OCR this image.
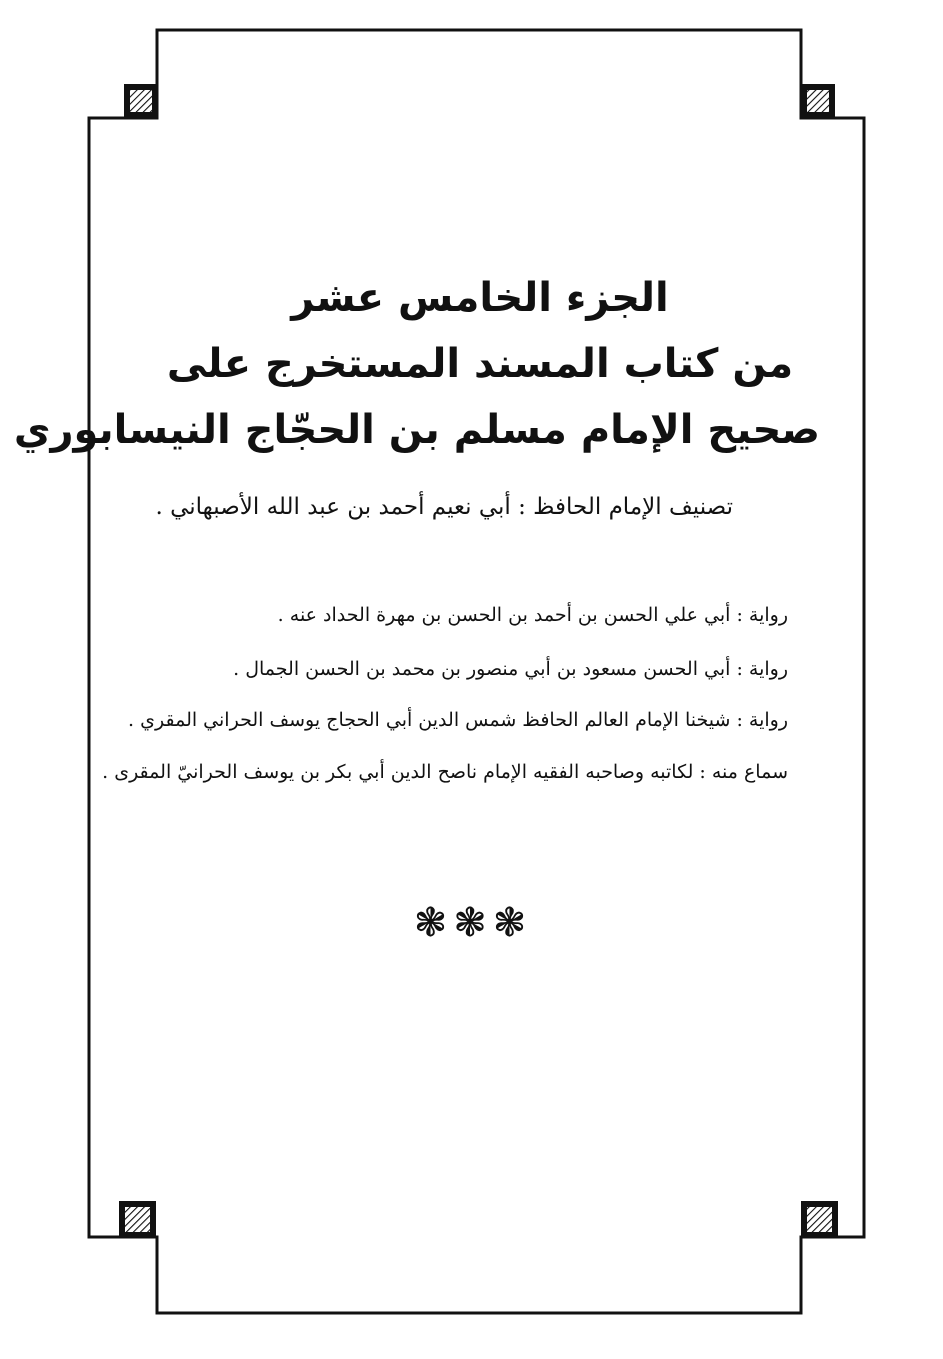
الجزء الخامس عشر
من كتاب المسند المستخرج على
صحيح الإمام مسلم بن الحجّاج النيسابوري
تصنيف الإمام الحافظ : أبي نعيم أحمد بن عبد الله الأصبهاني .
رواية : أبي علي الحسن بن أحمد بن الحسن بن مهرة الحداد عنه .
رواية : أبي الحسن مسعود بن أبي منصور بن محمد بن الحسن الجمال .
رواية : شيخنا الإمام العالم الحافظ شمس الدين أبي الحجاج يوسف الحراني المقري .
سماع منه : لكاتبه وصاحبه الفقيه الإمام ناصح الدين أبي بكر بن يوسف الحرانيّ المقرى .
❃❃❃
